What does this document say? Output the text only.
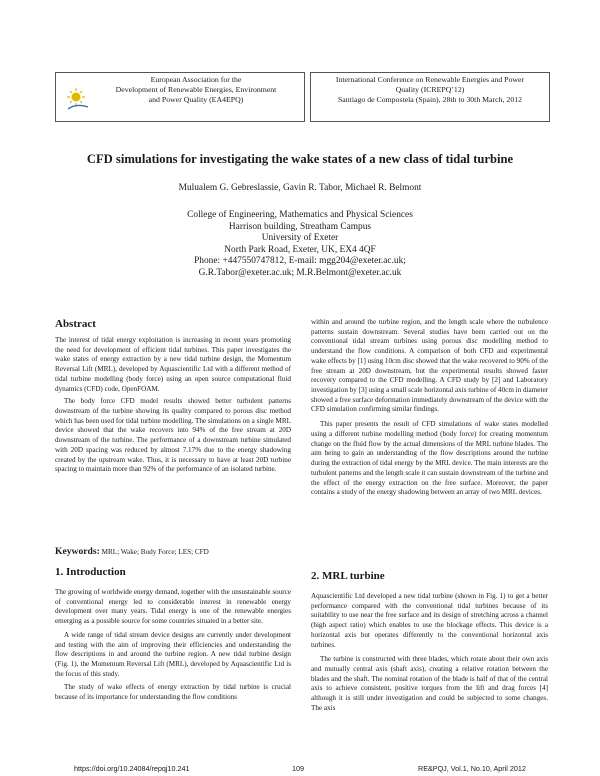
European Association for the
Development of Renewable Energies, Environment
and Power Quality (EA4EPQ)
International Conference on Renewable Energies and Power
Quality (ICREPQ’12)
Santiago de Compostela (Spain), 28th to 30th March, 2012
CFD simulations for investigating the wake states of a new class of tidal turbine
Mulualem G. Gebreslassie, Gavin R. Tabor, Michael R. Belmont
College of Engineering, Mathematics and Physical Sciences
Harrison building, Streatham Campus
University of Exeter
North Park Road, Exeter, UK, EX4 4QF
Phone: +447550747812, E-mail: mgg204@exeter.ac.uk;
G.R.Tabor@exeter.ac.uk; M.R.Belmont@exeter.ac.uk
Abstract

The interest of tidal energy exploitation is increasing in recent years promoting the need for development of efficient tidal turbines. This paper investigates the wake states of energy extraction by a new tidal turbine design, the Momentum Reversal Lift (MRL), developed by Aquascientific Ltd with a different method of tidal turbine modelling (body force) using an open source computational fluid dynamics (CFD) code, OpenFOAM.

The body force CFD model results showed better turbulent patterns downstream of the turbine showing its quality compared to porous disc method which has been used for tidal turbine modelling. The simulations on a single MRL device showed that the wake recovers into 94% of the free stream at 20D downstream of the turbine. The performance of a downstream turbine simulated with 20D spacing was reduced by almost 7.17% due to the energy shadowing created by the upstream wake. Thus, it is necessary to have at least 20D turbine spacing to maintain more than 92% of the performance of an isolated turbine.

Keywords: MRL; Wake; Body Force; LES; CFD
1. Introduction

The growing of worldwide energy demand, together with the unsustainable source of conventional energy led to considerable interest in renewable energy development over many years. Tidal energy is one of the renewable energies emerging as a possible source for some countries situated in a better site.

A wide range of tidal stream device designs are currently under development and testing with the aim of improving their efficiencies and understanding the flow descriptions in and around the turbine region. A new tidal turbine design (Fig. 1), the Momentum Reversal Lift (MRL), developed by Aquascientific Ltd is the focus of this study.

The study of wake effects of energy extraction by tidal turbine is crucial because of its importance for understanding the flow conditions

within and around the turbine region, and the length scale where the turbulence patterns sustain downstream. Several studies have been carried out on the conventional tidal stream turbines using porous disc modelling method to understand the flow conditions. A comparison of both CFD and experimental wake effects by [1] using 10cm disc showed that the wake recovered to 90% of the free stream at 20D downstream, but the experimental results showed faster recovery compared to the CFD modelling. A CFD study by [2] and Laboratory investigation by [3] using a small scale horizontal axis turbine of 40cm in diameter showed a free surface deformation immediately downstream of the device with the CFD simulation confirming similar findings.

This paper presents the result of CFD simulations of wake states modelled using a different turbine modelling method (body force) for creating momentum change on the fluid flow by the actual dimensions of the MRL turbine blades. The aim being to gain an understanding of the flow descriptions around the turbine during the extraction of tidal energy by the MRL device. The main interests are the turbulent patterns and the length scale it can sustain downstream of the turbine and the effect of the energy extraction on the free surface. Moreover, the paper contains a study of the energy shadowing between an array of two MRL devices.

2. MRL turbine

Aquascientific Ltd developed a new tidal turbine (shown in Fig. 1) to get a better performance compared with the conventional tidal turbines because of its suitability to use near the free surface and its design of stretching across a channel (high aspect ratio) which enables to use the blockage effects. This device is a horizontal axis but operates differently to the conventional horizontal axis turbines.

The turbine is constructed with three blades, which rotate about their own axis and mutually central axis (shaft axis), creating a relative rotation between the blades and the shaft. The nominal rotation of the blade is half of that of the central axis to achieve consistent, positive torques from the lift and drag forces [4] although it is still under investigation and could be subjected to some changes. The axis

https://doi.org/10.24084/repqj10.241	109	RE&PQJ, Vol.1, No.10, April 2012
